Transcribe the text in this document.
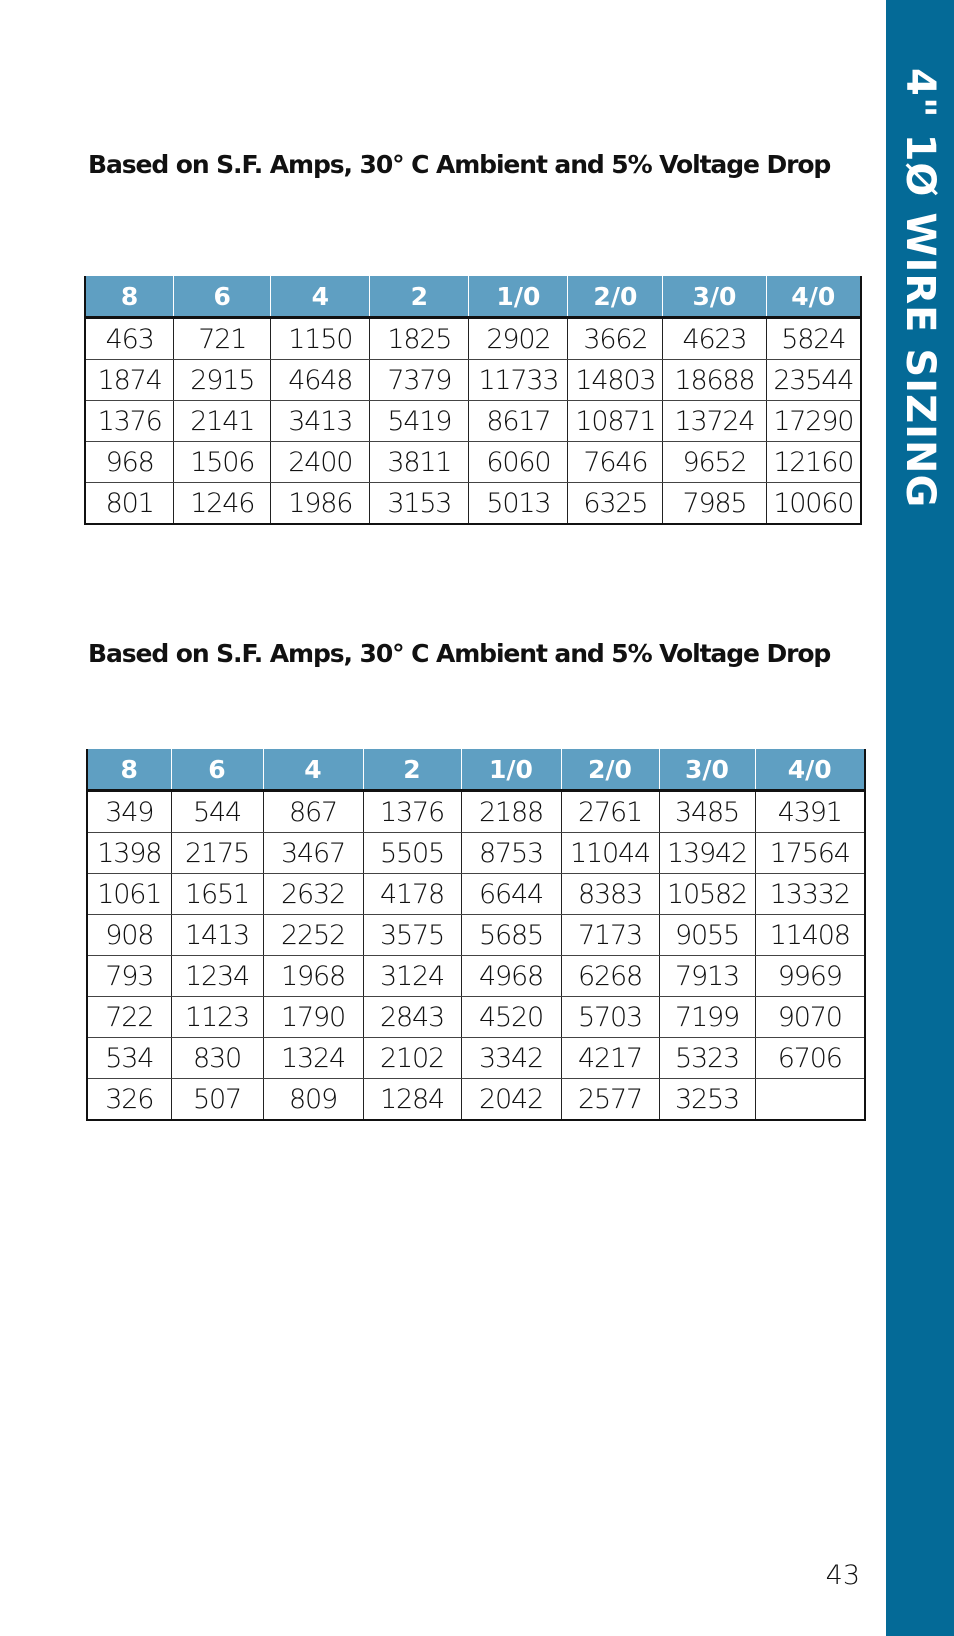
4" 1Ø WIRE SIZING
Based on S.F. Amps, 30° C Ambient and 5% Voltage Drop
8	6	4	2	1/0	2/0	3/0	4/0
463	721	1150	1825	2902	3662	4623	5824
1874	2915	4648	7379	11733	14803	18688	23544
1376	2141	3413	5419	8617	10871	13724	17290
968	1506	2400	3811	6060	7646	9652	12160
801	1246	1986	3153	5013	6325	7985	10060
Based on S.F. Amps, 30° C Ambient and 5% Voltage Drop
8	6	4	2	1/0	2/0	3/0	4/0
349	544	867	1376	2188	2761	3485	4391
1398	2175	3467	5505	8753	11044	13942	17564
1061	1651	2632	4178	6644	8383	10582	13332
908	1413	2252	3575	5685	7173	9055	11408
793	1234	1968	3124	4968	6268	7913	9969
722	1123	1790	2843	4520	5703	7199	9070
534	830	1324	2102	3342	4217	5323	6706
326	507	809	1284	2042	2577	3253	
43
